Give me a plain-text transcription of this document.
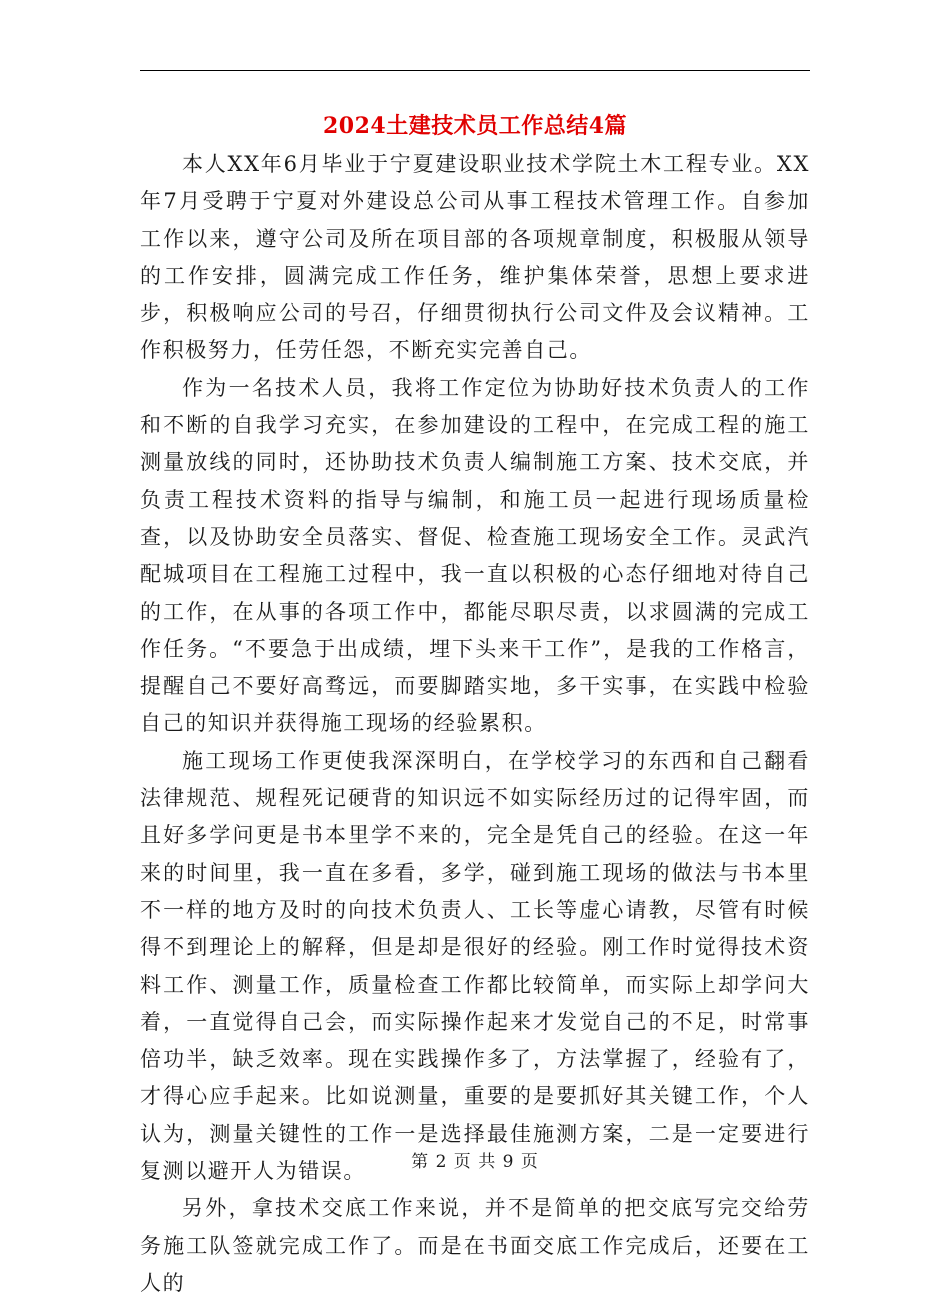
2024土建技术员工作总结4篇

本人XX年6月毕业于宁夏建设职业技术学院土木工程专业。XX年7月受聘于宁夏对外建设总公司从事工程技术管理工作。自参加工作以来，遵守公司及所在项目部的各项规章制度，积极服从领导的工作安排，圆满完成工作任务，维护集体荣誉，思想上要求进步，积极响应公司的号召，仔细贯彻执行公司文件及会议精神。工作积极努力，任劳任怨，不断充实完善自己。

作为一名技术人员，我将工作定位为协助好技术负责人的工作和不断的自我学习充实，在参加建设的工程中，在完成工程的施工测量放线的同时，还协助技术负责人编制施工方案、技术交底，并负责工程技术资料的指导与编制，和施工员一起进行现场质量检查，以及协助安全员落实、督促、检查施工现场安全工作。灵武汽配城项目在工程施工过程中，我一直以积极的心态仔细地对待自己的工作，在从事的各项工作中，都能尽职尽责，以求圆满的完成工作任务。“不要急于出成绩，埋下头来干工作”，是我的工作格言，提醒自己不要好高骛远，而要脚踏实地，多干实事，在实践中检验自己的知识并获得施工现场的经验累积。

施工现场工作更使我深深明白，在学校学习的东西和自己翻看法律规范、规程死记硬背的知识远不如实际经历过的记得牢固，而且好多学问更是书本里学不来的，完全是凭自己的经验。在这一年来的时间里，我一直在多看，多学，碰到施工现场的做法与书本里不一样的地方及时的向技术负责人、工长等虚心请教，尽管有时候得不到理论上的解释，但是却是很好的经验。刚工作时觉得技术资料工作、测量工作，质量检查工作都比较简单，而实际上却学问大着，一直觉得自己会，而实际操作起来才发觉自己的不足，时常事倍功半，缺乏效率。现在实践操作多了，方法掌握了，经验有了，才得心应手起来。比如说测量，重要的是要抓好其关键工作，个人认为，测量关键性的工作一是选择最佳施测方案，二是一定要进行复测以避开人为错误。

另外，拿技术交底工作来说，并不是简单的把交底写完交给劳务施工队签就完成工作了。而是在书面交底工作完成后，还要在工人的

第 2 页 共 9 页
